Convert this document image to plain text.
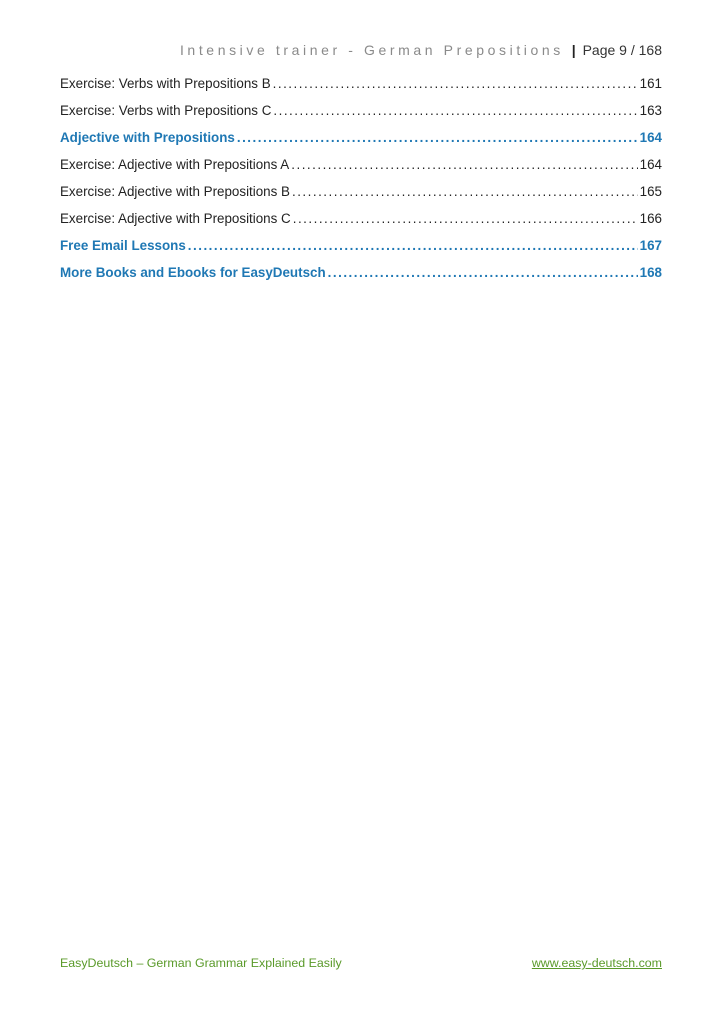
Intensive trainer - German Prepositions | Page 9 / 168
Exercise: Verbs with Prepositions B .....	161
Exercise: Verbs with Prepositions C .....	163
Adjective with Prepositions .....	164
Exercise: Adjective with Prepositions A .....	164
Exercise: Adjective with Prepositions B .....	165
Exercise: Adjective with Prepositions C .....	166
Free Email Lessons .....	167
More Books and Ebooks for EasyDeutsch .....	168
EasyDeutsch – German Grammar Explained Easily	www.easy-deutsch.com
